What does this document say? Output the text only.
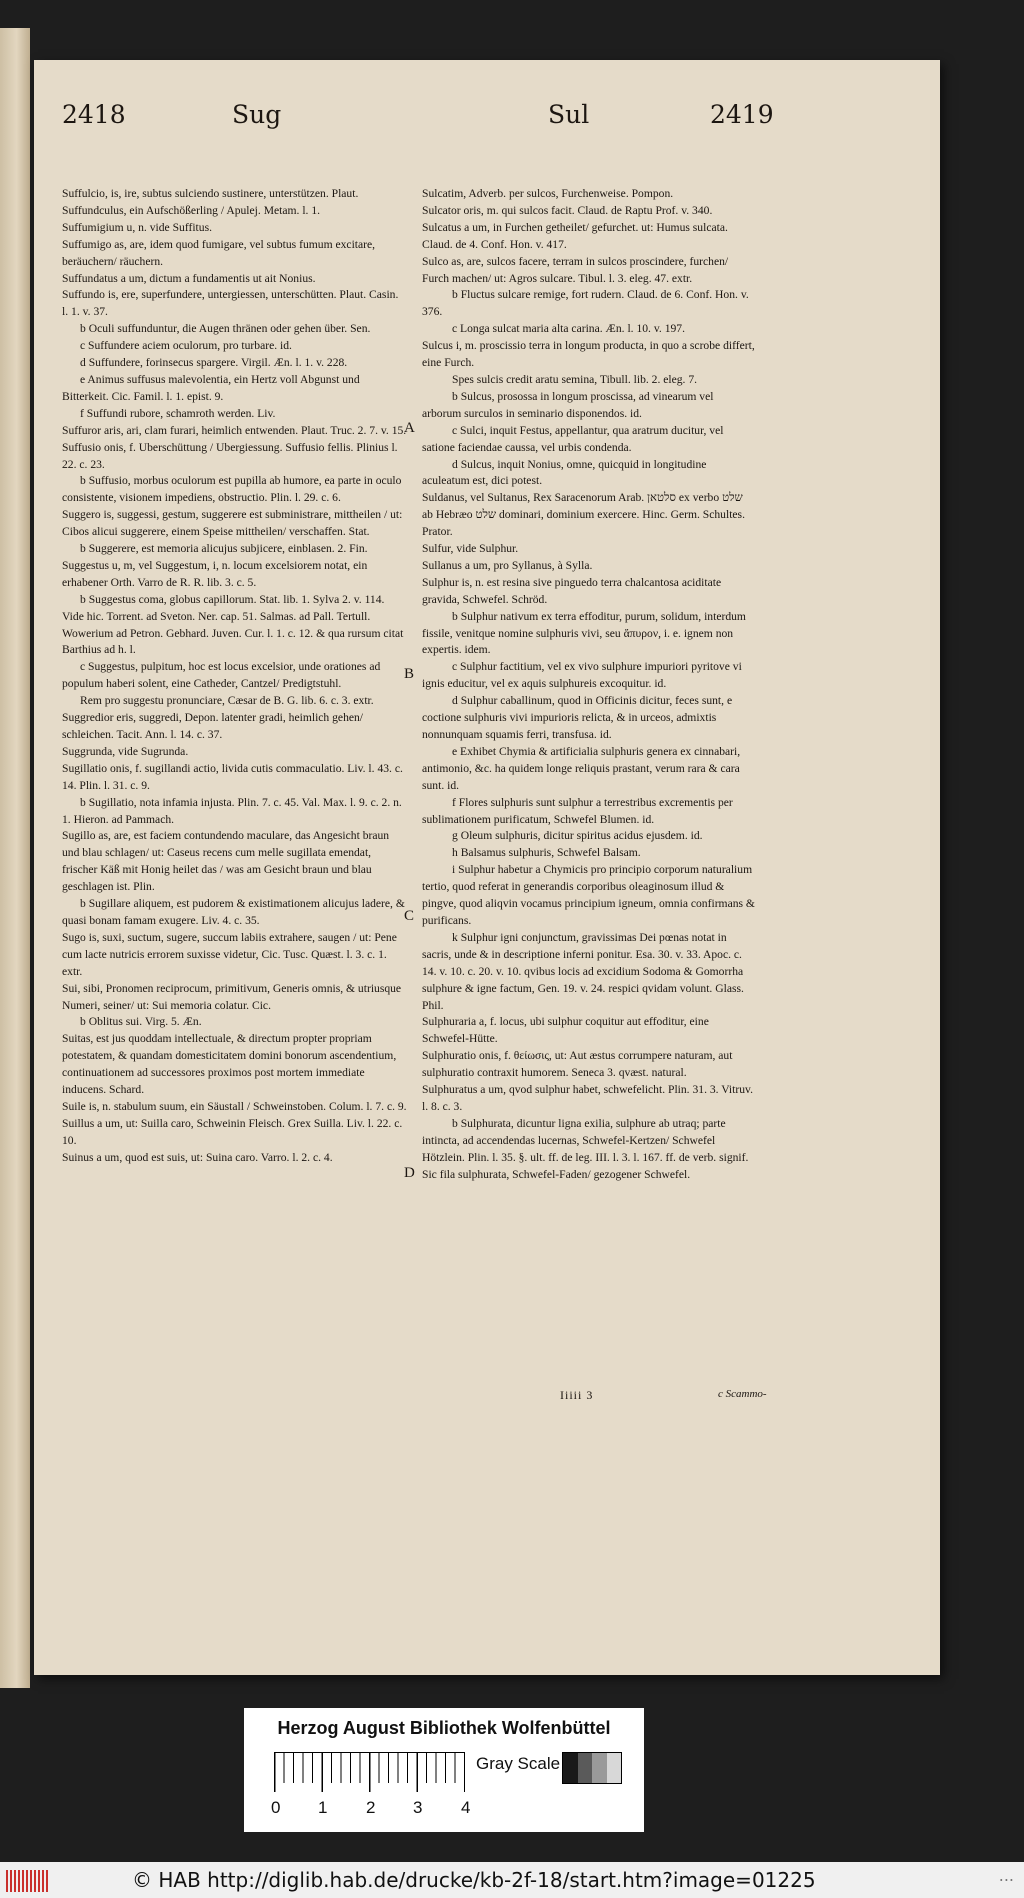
2418	Sug	Sul	2419

Suffulcio, is, ire, subtus sulciendo sustinere, unterstützen. Plaut.

Suffundculus, ein Aufschößerling / Apulej. Metam. l. 1.

Suffumigium u, n. vide Suffitus.

Suffumigo as, are, idem quod fumigare, vel subtus fumum excitare, beräuchern/ räuchern.

Suffundatus a um, dictum a fundamentis ut ait Nonius.

Suffundo is, ere, superfundere, untergiessen, unterschütten. Plaut. Casin. l. 1. v. 37.

b Oculi suffunduntur, die Augen thränen oder gehen über. Sen.

c Suffundere aciem oculorum, pro turbare. id.

d Suffundere, forinsecus spargere. Virgil. Æn. l. 1. v. 228.

e Animus suffusus malevolentia, ein Hertz voll Abgunst und Bitterkeit. Cic. Famil. l. 1. epist. 9.

f Suffundi rubore, schamroth werden. Liv.

Suffuror aris, ari, clam furari, heimlich entwenden. Plaut. Truc. 2. 7. v. 15.

Suffusio onis, f. Uberschüttung / Ubergiessung. Suffusio fellis. Plinius l. 22. c. 23.

b Suffusio, morbus oculorum est pupilla ab humore, ea parte in oculo consistente, visionem impediens, obstructio. Plin. l. 29. c. 6.

Suggero is, suggessi, gestum, suggerere est subministrare, mittheilen / ut: Cibos alicui suggerere, einem Speise mittheilen/ verschaffen. Stat.

b Suggerere, est memoria alicujus subjicere, einblasen. 2. Fin.

Suggestus u, m, vel Suggestum, i, n. locum excelsiorem notat, ein erhabener Orth. Varro de R. R. lib. 3. c. 5.

b Suggestus coma, globus capillorum. Stat. lib. 1. Sylva 2. v. 114. Vide hic. Torrent. ad Sveton. Ner. cap. 51. Salmas. ad Pall. Tertull. Wowerium ad Petron. Gebhard. Juven. Cur. l. 1. c. 12. & qua rursum citat Barthius ad h. l.

c Suggestus, pulpitum, hoc est locus excelsior, unde orationes ad populum haberi solent, eine Catheder, Cantzel/ Predigtstuhl.

Rem pro suggestu pronunciare, Cæsar de B. G. lib. 6. c. 3. extr.

Suggredior eris, suggredi, Depon. latenter gradi, heimlich gehen/ schleichen. Tacit. Ann. l. 14. c. 37.

Suggrunda, vide Sugrunda.

Sugillatio onis, f. sugillandi actio, livida cutis commaculatio. Liv. l. 43. c. 14. Plin. l. 31. c. 9.

b Sugillatio, nota infamia injusta. Plin. 7. c. 45. Val. Max. l. 9. c. 2. n. 1. Hieron. ad Pammach.

Sugillo as, are, est faciem contundendo maculare, das Angesicht braun und blau schlagen/ ut: Caseus recens cum melle sugillata emendat, frischer Käß mit Honig heilet das / was am Gesicht braun und blau geschlagen ist. Plin.

b Sugillare aliquem, est pudorem & existimationem alicujus ladere, & quasi bonam famam exugere. Liv. 4. c. 35.

Sugo is, suxi, suctum, sugere, succum labiis extrahere, saugen / ut: Pene cum lacte nutricis errorem suxisse videtur, Cic. Tusc. Quæst. l. 3. c. 1. extr.

Sui, sibi, Pronomen reciprocum, primitivum, Generis omnis, & utriusque Numeri, seiner/ ut: Sui memoria colatur. Cic.

b Oblitus sui. Virg. 5. Æn.

Suitas, est jus quoddam intellectuale, & directum propter propriam potestatem, & quandam domesticitatem domini bonorum ascendentium, continuationem ad successores proximos post mortem immediate inducens. Schard.

Suile is, n. stabulum suum, ein Säustall / Schweinstoben. Colum. l. 7. c. 9.

Suillus a um, ut: Suilla caro, Schweinin Fleisch. Grex Suilla. Liv. l. 22. c. 10.

Suinus a um, quod est suis, ut: Suina caro. Varro. l. 2. c. 4.

Sulcatim, Adverb. per sulcos, Furchenweise. Pompon.

Sulcator oris, m. qui sulcos facit. Claud. de Raptu Prof. v. 340.

Sulcatus a um, in Furchen getheilet/ gefurchet. ut: Humus sulcata. Claud. de 4. Conf. Hon. v. 417.

Sulco as, are, sulcos facere, terram in sulcos proscindere, furchen/ Furch machen/ ut: Agros sulcare. Tibul. l. 3. eleg. 47. extr.

b Fluctus sulcare remige, fort rudern. Claud. de 6. Conf. Hon. v. 376.

c Longa sulcat maria alta carina. Æn. l. 10. v. 197.

Sulcus i, m. proscissio terra in longum producta, in quo a scrobe differt, eine Furch.

Spes sulcis credit aratu semina, Tibull. lib. 2. eleg. 7.

b Sulcus, prosossa in longum proscissa, ad vinearum vel arborum surculos in seminario disponendos. id.

c Sulci, inquit Festus, appellantur, qua aratrum ducitur, vel satione faciendae caussa, vel urbis condenda.

d Sulcus, inquit Nonius, omne, quicquid in longitudine aculeatum est, dici potest.

Suldanus, vel Sultanus, Rex Saracenorum Arab. סלטאן ex verbo שלט ab Hebræo שלט dominari, dominium exercere. Hinc. Germ. Schultes. Prator.

Sulfur, vide Sulphur.

Sullanus a um, pro Syllanus, à Sylla.

Sulphur is, n. est resina sive pinguedo terra chalcantosa aciditate gravida, Schwefel. Schröd.

b Sulphur nativum ex terra effoditur, purum, solidum, interdum fissile, venitque nomine sulphuris vivi, seu ἄπυρον, i. e. ignem non expertis. idem.

c Sulphur factitium, vel ex vivo sulphure impuriori pyritove vi ignis educitur, vel ex aquis sulphureis excoquitur. id.

d Sulphur caballinum, quod in Officinis dicitur, feces sunt, e coctione sulphuris vivi impurioris relicta, & in urceos, admixtis nonnunquam squamis ferri, transfusa. id.

e Exhibet Chymia & artificialia sulphuris genera ex cinnabari, antimonio, &c. ha quidem longe reliquis prastant, verum rara & cara sunt. id.

f Flores sulphuris sunt sulphur a terrestribus excrementis per sublimationem purificatum, Schwefel Blumen. id.

g Oleum sulphuris, dicitur spiritus acidus ejusdem. id.

h Balsamus sulphuris, Schwefel Balsam.

i Sulphur habetur a Chymicis pro principio corporum naturalium tertio, quod referat in generandis corporibus oleaginosum illud & pingve, quod aliqvin vocamus principium igneum, omnia confirmans & purificans.

k Sulphur igni conjunctum, gravissimas Dei pœnas notat in sacris, unde & in descriptione inferni ponitur. Esa. 30. v. 33. Apoc. c. 14. v. 10. c. 20. v. 10. qvibus locis ad excidium Sodoma & Gomorrha sulphure & igne factum, Gen. 19. v. 24. respici qvidam volunt. Glass. Phil.

Sulphuraria a, f. locus, ubi sulphur coquitur aut effoditur, eine Schwefel-Hütte.

Sulphuratio onis, f. θείωσις, ut: Aut æstus corrumpere naturam, aut sulphuratio contraxit humorem. Seneca 3. qvæst. natural.

Sulphuratus a um, qvod sulphur habet, schwefelicht. Plin. 31. 3. Vitruv. l. 8. c. 3.

b Sulphurata, dicuntur ligna exilia, sulphure ab utraq; parte intincta, ad accendendas lucernas, Schwefel-Kertzen/ Schwefel Hötzlein. Plin. l. 35. §. ult. ff. de leg. III. l. 3. l. 167. ff. de verb. signif. Sic fila sulphurata, Schwefel-Faden/ gezogener Schwefel.

A
B
C
D
Iiiii 3	c Scammo-
Herzog August Bibliothek Wolfenbüttel
0 1 2 3 4
Gray Scale
© HAB http://diglib.hab.de/drucke/kb-2f-18/start.htm?image=01225	...
